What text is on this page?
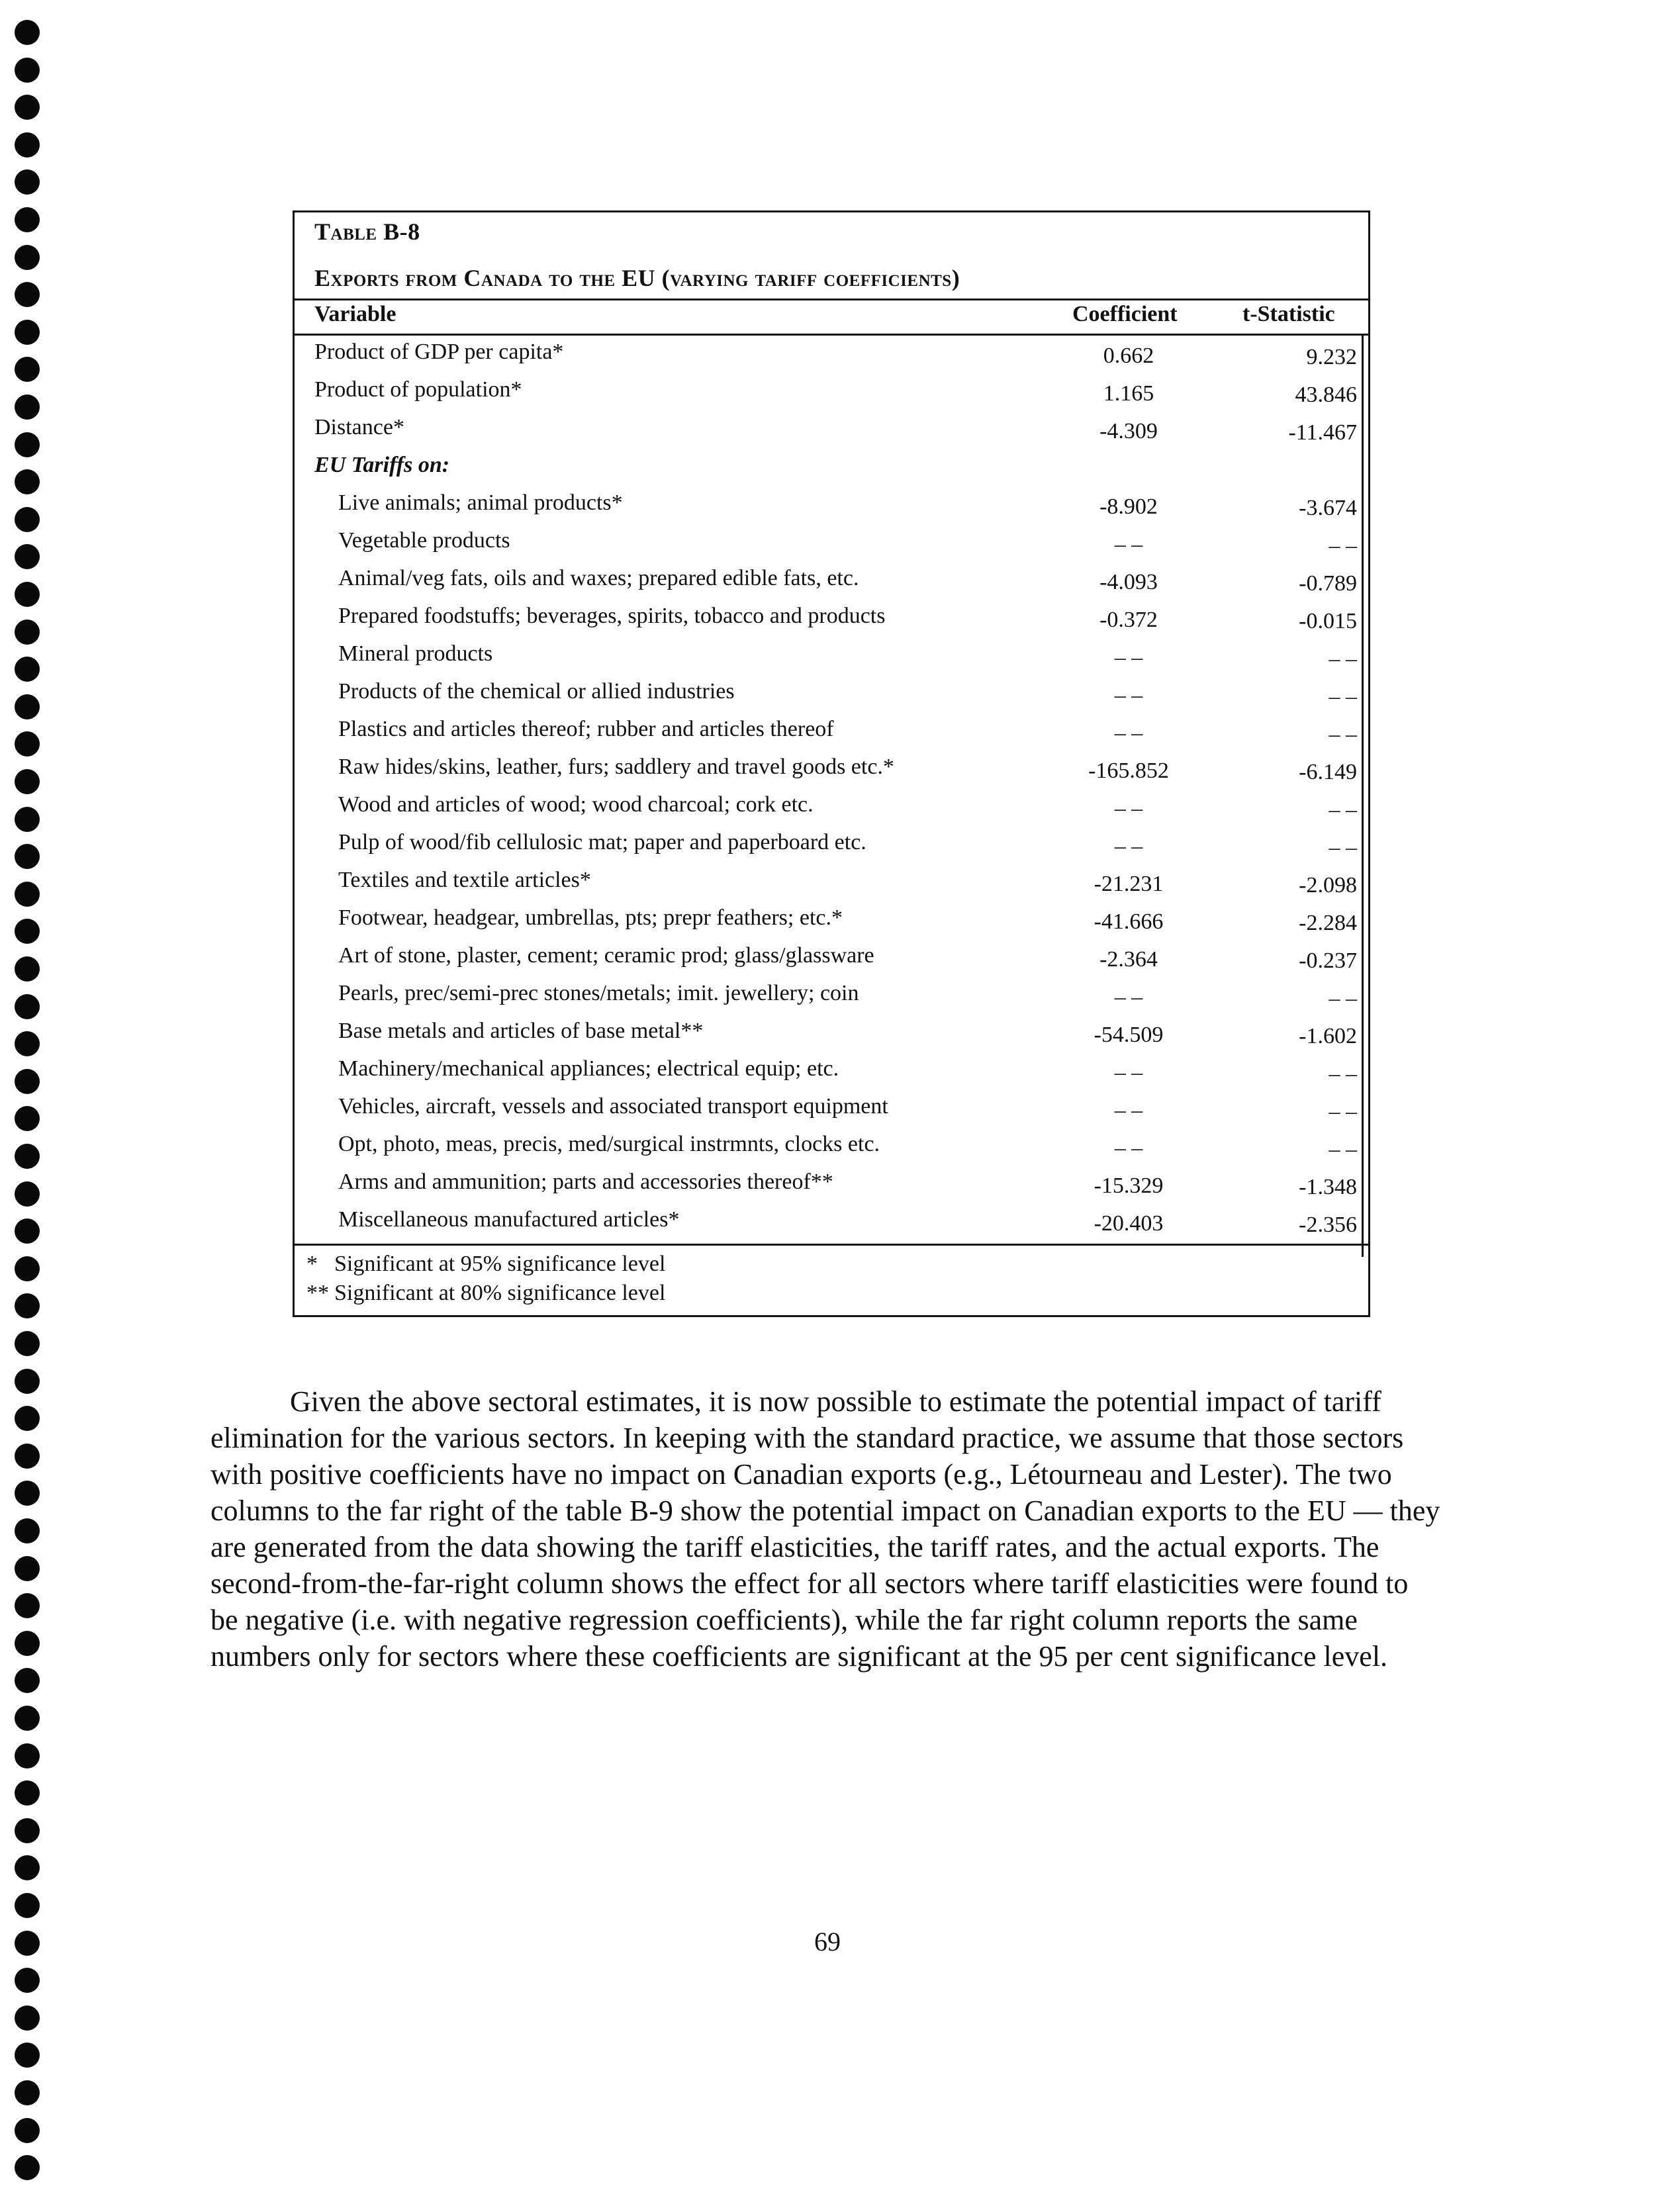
Table B-8
Exports from Canada to the EU (varying tariff coefficients)
Variable	Coefficient	t-Statistic
Product of GDP per capita*	0.662	9.232
Product of population*	1.165	43.846
Distance*	-4.309	-11.467
EU Tariffs on:
Live animals; animal products*	-8.902	-3.674
Vegetable products	– –	– –
Animal/veg fats, oils and waxes; prepared edible fats, etc.	-4.093	-0.789
Prepared foodstuffs; beverages, spirits, tobacco and products	-0.372	-0.015
Mineral products	– –	– –
Products of the chemical or allied industries	– –	– –
Plastics and articles thereof; rubber and articles thereof	– –	– –
Raw hides/skins, leather, furs; saddlery and travel goods etc.*	-165.852	-6.149
Wood and articles of wood; wood charcoal; cork etc.	– –	– –
Pulp of wood/fib cellulosic mat; paper and paperboard etc.	– –	– –
Textiles and textile articles*	-21.231	-2.098
Footwear, headgear, umbrellas, pts; prepr feathers; etc.*	-41.666	-2.284
Art of stone, plaster, cement; ceramic prod; glass/glassware	-2.364	-0.237
Pearls, prec/semi-prec stones/metals; imit. jewellery; coin	– –	– –
Base metals and articles of base metal**	-54.509	-1.602
Machinery/mechanical appliances; electrical equip; etc.	– –	– –
Vehicles, aircraft, vessels and associated transport equipment	– –	– –
Opt, photo, meas, precis, med/surgical instrmnts, clocks etc.	– –	– –
Arms and ammunition; parts and accessories thereof**	-15.329	-1.348
Miscellaneous manufactured articles*	-20.403	-2.356
* Significant at 95% significance level
** Significant at 80% significance level
Given the above sectoral estimates, it is now possible to estimate the potential impact of tariff elimination for the various sectors. In keeping with the standard practice, we assume that those sectors with positive coefficients have no impact on Canadian exports (e.g., Létourneau and Lester). The two columns to the far right of the table B-9 show the potential impact on Canadian exports to the EU — they are generated from the data showing the tariff elasticities, the tariff rates, and the actual exports. The second-from-the-far-right column shows the effect for all sectors where tariff elasticities were found to be negative (i.e. with negative regression coefficients), while the far right column reports the same numbers only for sectors where these coefficients are significant at the 95 per cent significance level.
69
